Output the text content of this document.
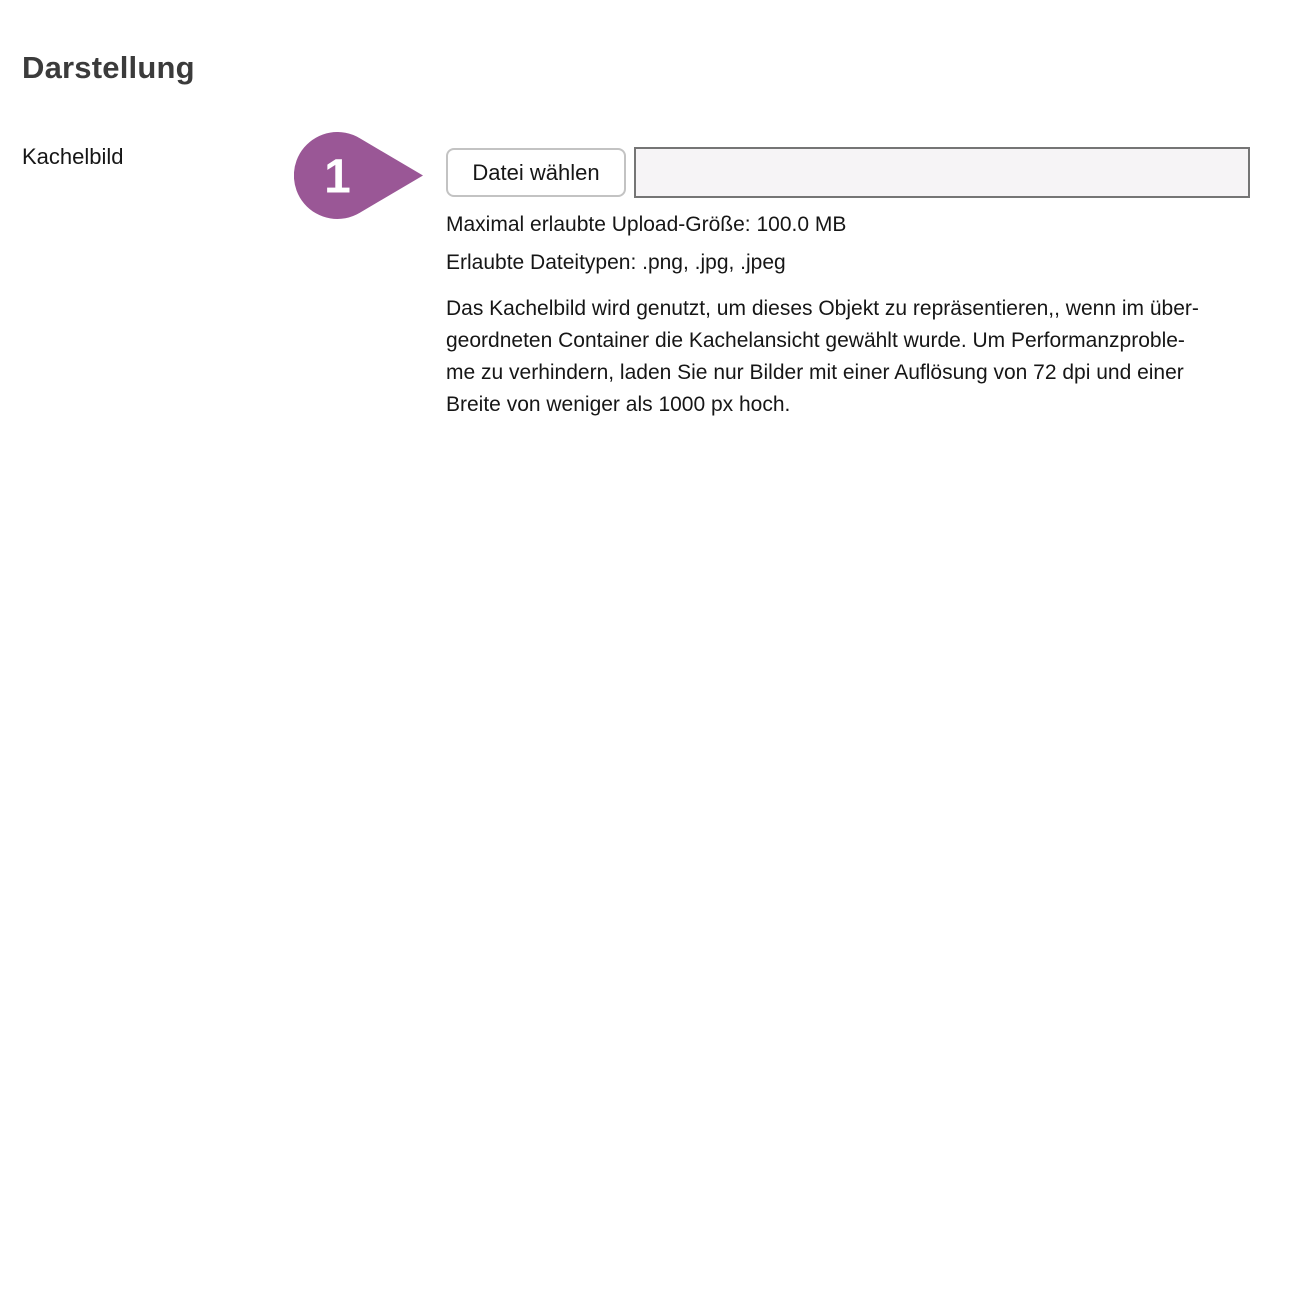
Darstellung
Kachelbild	1	Datei wählen
Maximal erlaubte Upload-Größe: 100.0 MB
Erlaubte Dateitypen: .png, .jpg, .jpeg
Das Kachelbild wird genutzt, um dieses Objekt zu repräsentieren,, wenn im über-
geordneten Container die Kachelansicht gewählt wurde. Um Performanzproble-
me zu verhindern, laden Sie nur Bilder mit einer Auflösung von 72 dpi und einer
Breite von weniger als 1000 px hoch.
